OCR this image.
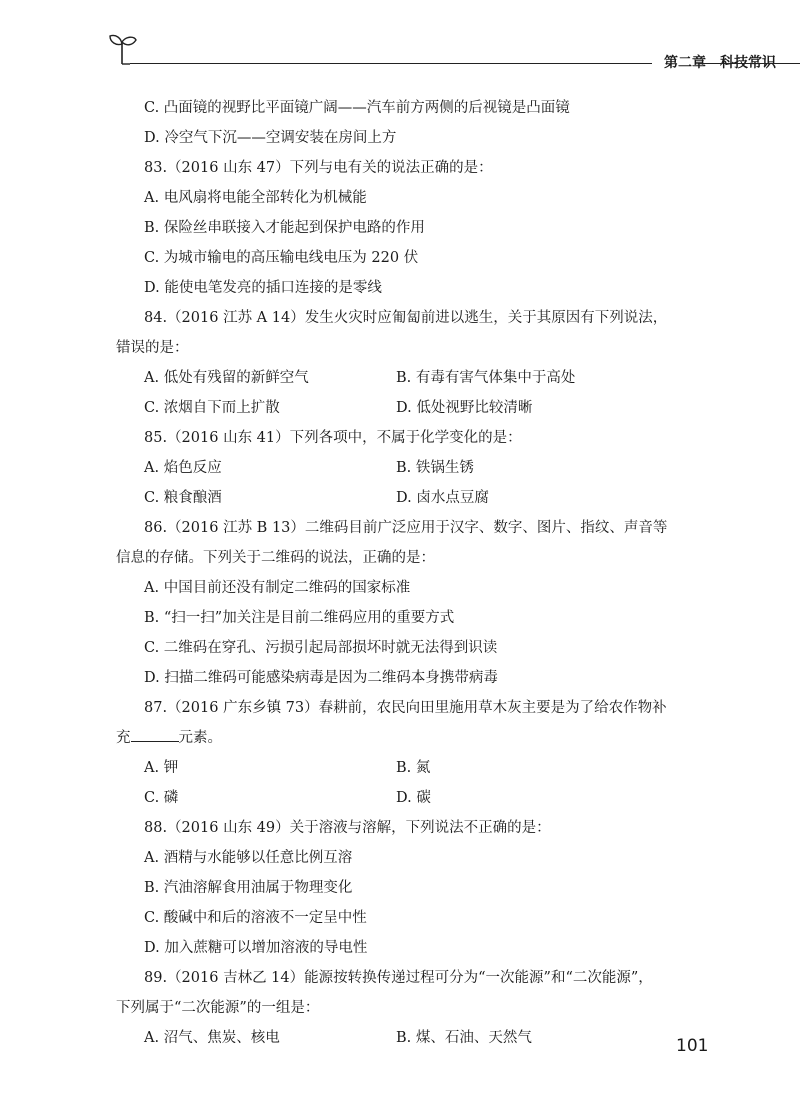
第二章 科技常识
C. 凸面镜的视野比平面镜广阔——汽车前方两侧的后视镜是凸面镜
D. 冷空气下沉——空调安装在房间上方
83.（2016 山东 47）下列与电有关的说法正确的是：
A. 电风扇将电能全部转化为机械能
B. 保险丝串联接入才能起到保护电路的作用
C. 为城市输电的高压输电线电压为 220 伏
D. 能使电笔发亮的插口连接的是零线
84.（2016 江苏 A 14）发生火灾时应匍匐前进以逃生，关于其原因有下列说法，
错误的是：
A. 低处有残留的新鲜空气	B. 有毒有害气体集中于高处
C. 浓烟自下而上扩散	D. 低处视野比较清晰
85.（2016 山东 41）下列各项中，不属于化学变化的是：
A. 焰色反应	B. 铁锅生锈
C. 粮食酿酒	D. 卤水点豆腐
86.（2016 江苏 B 13）二维码目前广泛应用于汉字、数字、图片、指纹、声音等
信息的存储。下列关于二维码的说法，正确的是：
A. 中国目前还没有制定二维码的国家标准
B. “扫一扫”加关注是目前二维码应用的重要方式
C. 二维码在穿孔、污损引起局部损坏时就无法得到识读
D. 扫描二维码可能感染病毒是因为二维码本身携带病毒
87.（2016 广东乡镇 73）春耕前，农民向田里施用草木灰主要是为了给农作物补
充	元素。
A. 钾	B. 氮
C. 磷	D. 碳
88.（2016 山东 49）关于溶液与溶解，下列说法不正确的是：
A. 酒精与水能够以任意比例互溶
B. 汽油溶解食用油属于物理变化
C. 酸碱中和后的溶液不一定呈中性
D. 加入蔗糖可以增加溶液的导电性
89.（2016 吉林乙 14）能源按转换传递过程可分为“一次能源”和“二次能源”，
下列属于“二次能源”的一组是：
A. 沼气、焦炭、核电	B. 煤、石油、天然气	101
